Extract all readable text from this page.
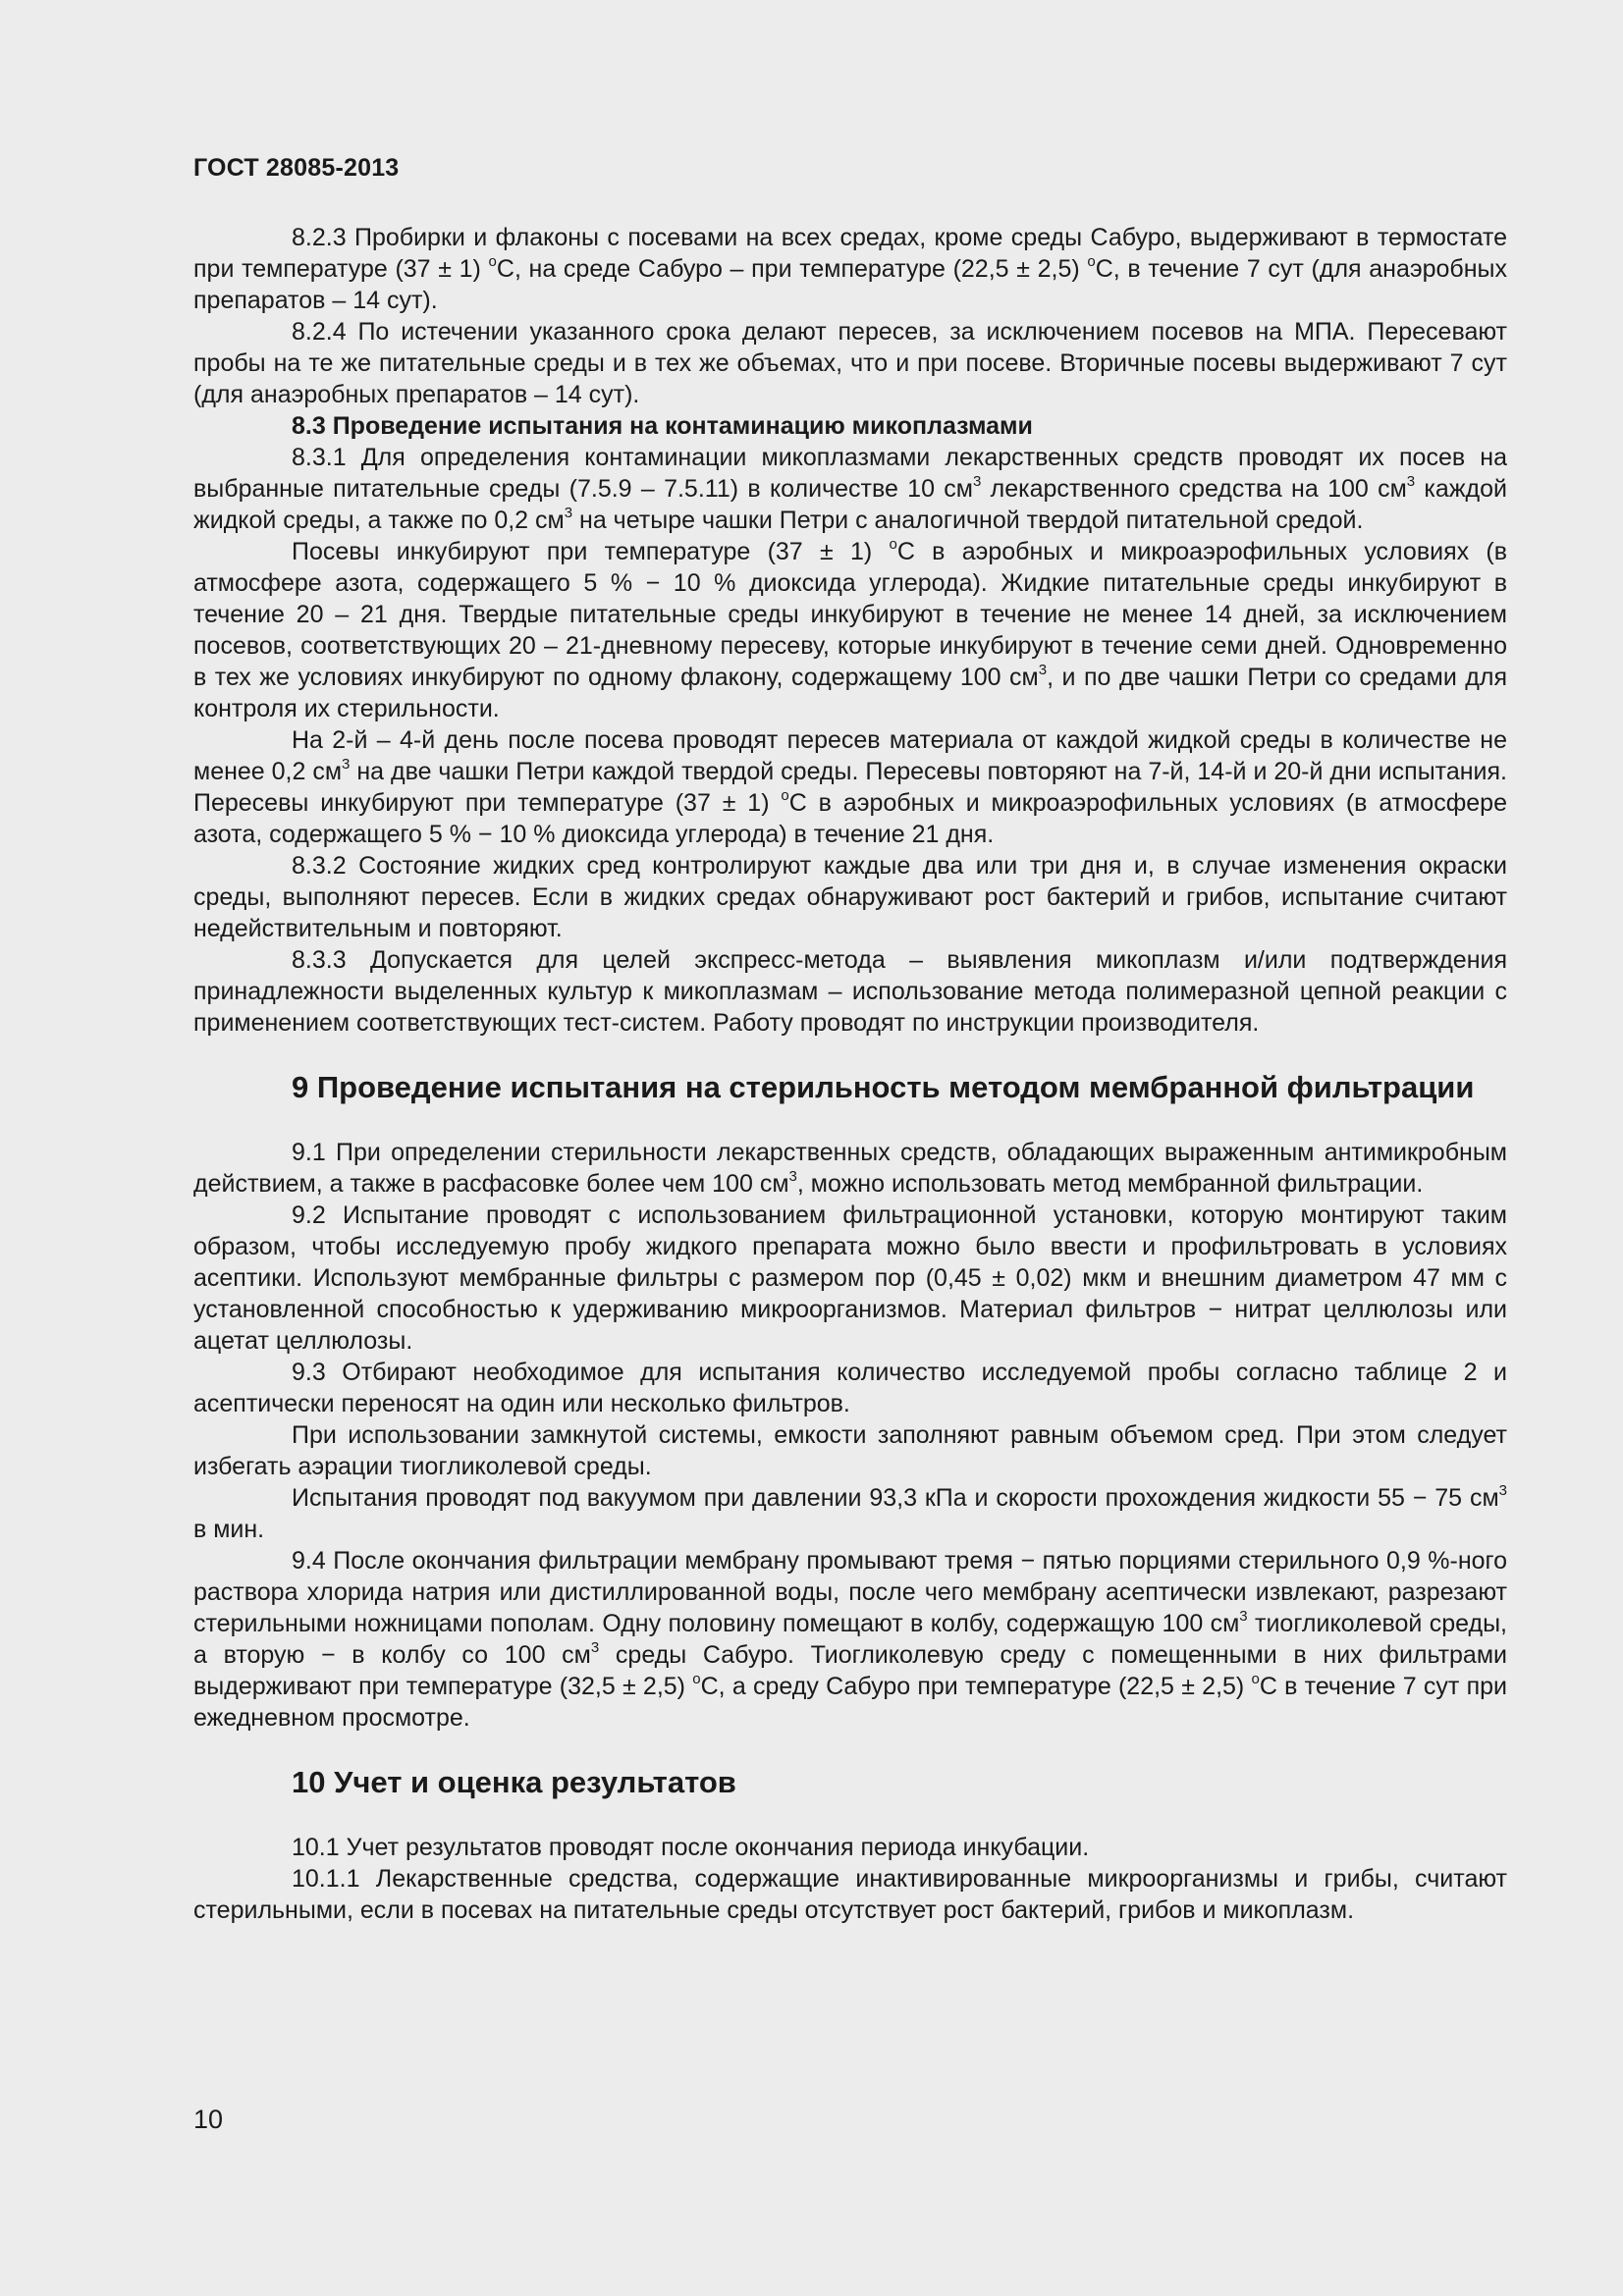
ГОСТ 28085-2013

8.2.3 Пробирки и флаконы с посевами на всех средах, кроме среды Сабуро, выдерживают в термостате при температуре (37 ± 1) $^о$С, на среде Сабуро – при температуре (22,5 ± 2,5) $^о$С, в течение 7 сут (для анаэробных препаратов – 14 сут).

8.2.4 По истечении указанного срока делают пересев, за исключением посевов на МПА. Пересевают пробы на те же питательные среды и в тех же объемах, что и при посеве. Вторичные посевы выдерживают 7 сут (для анаэробных препаратов – 14 сут).

8.3 Проведение испытания на контаминацию микоплазмами

8.3.1 Для определения контаминации микоплазмами лекарственных средств проводят их посев на выбранные питательные среды (7.5.9 – 7.5.11) в количестве 10 $см^3$ лекарственного средства на 100 $см^3$ каждой жидкой среды, а также по 0,2 $см^3$ на четыре чашки Петри с аналогичной твердой питательной средой.

Посевы инкубируют при температуре (37 ± 1) $^о$С в аэробных и микроаэрофильных условиях (в атмосфере азота, содержащего 5 % − 10 % диоксида углерода). Жидкие питательные среды инкубируют в течение 20 – 21 дня. Твердые питательные среды инкубируют в течение не менее 14 дней, за исключением посевов, соответствующих 20 – 21-дневному пересеву, которые инкубируют в течение семи дней. Одновременно в тех же условиях инкубируют по одному флакону, содержащему 100 $см^3$, и по две чашки Петри со средами для контроля их стерильности.

На 2-й – 4-й день после посева проводят пересев материала от каждой жидкой среды в количестве не менее 0,2 $см^3$ на две чашки Петри каждой твердой среды. Пересевы повторяют на 7-й, 14-й и 20-й дни испытания. Пересевы инкубируют при температуре (37 ± 1) $^о$С в аэробных и микроаэрофильных условиях (в атмосфере азота, содержащего 5 % − 10 % диоксида углерода) в течение 21 дня.

8.3.2 Состояние жидких сред контролируют каждые два или три дня и, в случае изменения окраски среды, выполняют пересев. Если в жидких средах обнаруживают рост бактерий и грибов, испытание считают недействительным и повторяют.

8.3.3 Допускается для целей экспресс-метода – выявления микоплазм и/или подтверждения принадлежности выделенных культур к микоплазмам – использование метода полимеразной цепной реакции с применением соответствующих тест-систем. Работу проводят по инструкции производителя.

9 Проведение испытания на стерильность методом мембранной фильтрации

9.1 При определении стерильности лекарственных средств, обладающих выраженным антимикробным действием, а также в расфасовке более чем 100 $см^3$, можно использовать метод мембранной фильтрации.

9.2 Испытание проводят с использованием фильтрационной установки, которую монтируют таким образом, чтобы исследуемую пробу жидкого препарата можно было ввести и профильтровать в условиях асептики. Используют мембранные фильтры с размером пор (0,45 ± 0,02) мкм и внешним диаметром 47 мм с установленной способностью к удерживанию микроорганизмов. Материал фильтров − нитрат целлюлозы или ацетат целлюлозы.

9.3 Отбирают необходимое для испытания количество исследуемой пробы согласно таблице 2 и асептически переносят на один или несколько фильтров.

При использовании замкнутой системы, емкости заполняют равным объемом сред. При этом следует избегать аэрации тиогликолевой среды.

Испытания проводят под вакуумом при давлении 93,3 кПа и скорости прохождения жидкости 55 − 75 $см^3$ в мин.

9.4 После окончания фильтрации мембрану промывают тремя − пятью порциями стерильного 0,9 %-ного раствора хлорида натрия или дистиллированной воды, после чего мембрану асептически извлекают, разрезают стерильными ножницами пополам. Одну половину помещают в колбу, содержащую 100 $см^3$ тиогликолевой среды, а вторую − в колбу со 100 $см^3$ среды Сабуро. Тиогликолевую среду с помещенными в них фильтрами выдерживают при температуре (32,5 ± 2,5) $^о$С, а среду Сабуро при температуре (22,5 ± 2,5) $^о$С в течение 7 сут при ежедневном просмотре.

10 Учет и оценка результатов

10.1 Учет результатов проводят после окончания периода инкубации.

10.1.1 Лекарственные средства, содержащие инактивированные микроорганизмы и грибы, считают стерильными, если в посевах на питательные среды отсутствует рост бактерий, грибов и микоплазм.

10
